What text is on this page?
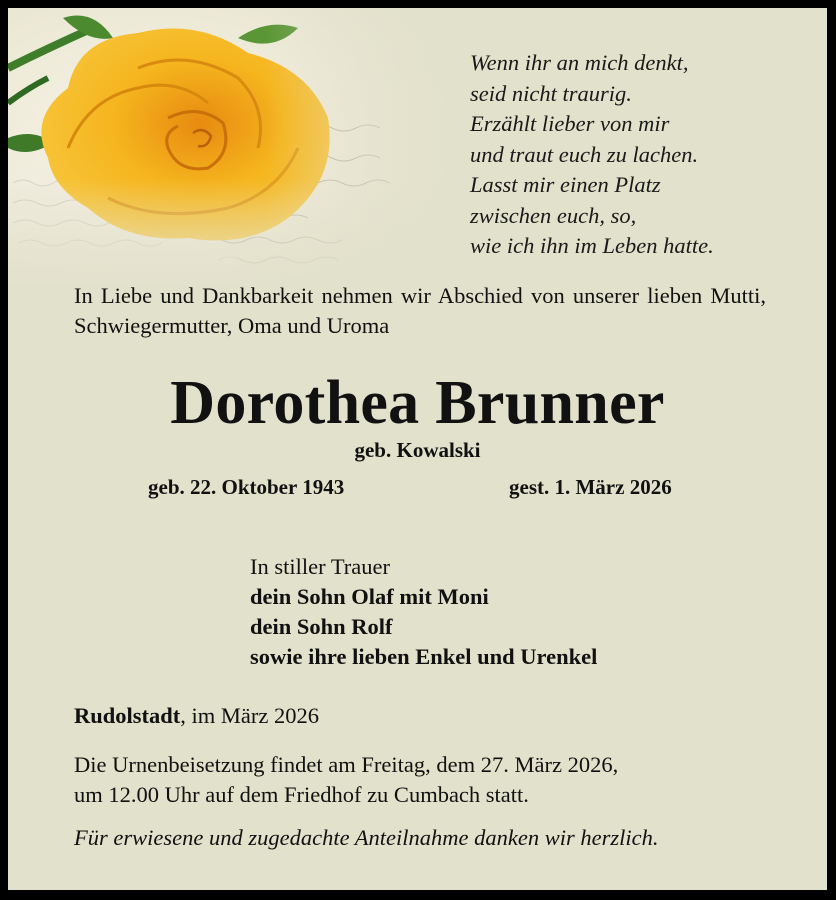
Wenn ihr an mich denkt,
seid nicht traurig.
Erzählt lieber von mir
und traut euch zu lachen.
Lasst mir einen Platz
zwischen euch, so,
wie ich ihn im Leben hatte.
In Liebe und Dankbarkeit nehmen wir Abschied von unserer lieben Mutti, Schwiegermutter, Oma und Uroma
Dorothea Brunner
geb. Kowalski
geb. 22. Oktober 1943	gest. 1. März 2026
In stiller Trauer
dein Sohn Olaf mit Moni
dein Sohn Rolf
sowie ihre lieben Enkel und Urenkel
Rudolstadt, im März 2026
Die Urnenbeisetzung findet am Freitag, dem 27. März 2026,
um 12.00 Uhr auf dem Friedhof zu Cumbach statt.
Für erwiesene und zugedachte Anteilnahme danken wir herzlich.
